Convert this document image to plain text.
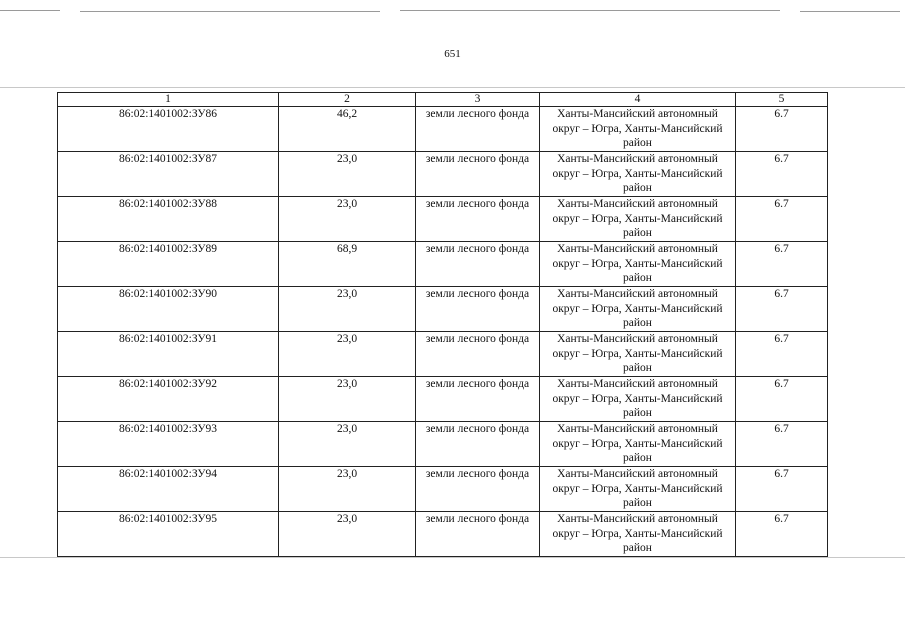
651
1	2	3	4	5
86:02:1401002:ЗУ86	46,2	земли лесного фонда	Ханты-Мансийский автономный округ – Югра, Ханты-Мансийский район	6.7
86:02:1401002:ЗУ87	23,0	земли лесного фонда	Ханты-Мансийский автономный округ – Югра, Ханты-Мансийский район	6.7
86:02:1401002:ЗУ88	23,0	земли лесного фонда	Ханты-Мансийский автономный округ – Югра, Ханты-Мансийский район	6.7
86:02:1401002:ЗУ89	68,9	земли лесного фонда	Ханты-Мансийский автономный округ – Югра, Ханты-Мансийский район	6.7
86:02:1401002:ЗУ90	23,0	земли лесного фонда	Ханты-Мансийский автономный округ – Югра, Ханты-Мансийский район	6.7
86:02:1401002:ЗУ91	23,0	земли лесного фонда	Ханты-Мансийский автономный округ – Югра, Ханты-Мансийский район	6.7
86:02:1401002:ЗУ92	23,0	земли лесного фонда	Ханты-Мансийский автономный округ – Югра, Ханты-Мансийский район	6.7
86:02:1401002:ЗУ93	23,0	земли лесного фонда	Ханты-Мансийский автономный округ – Югра, Ханты-Мансийский район	6.7
86:02:1401002:ЗУ94	23,0	земли лесного фонда	Ханты-Мансийский автономный округ – Югра, Ханты-Мансийский район	6.7
86:02:1401002:ЗУ95	23,0	земли лесного фонда	Ханты-Мансийский автономный округ – Югра, Ханты-Мансийский район	6.7
